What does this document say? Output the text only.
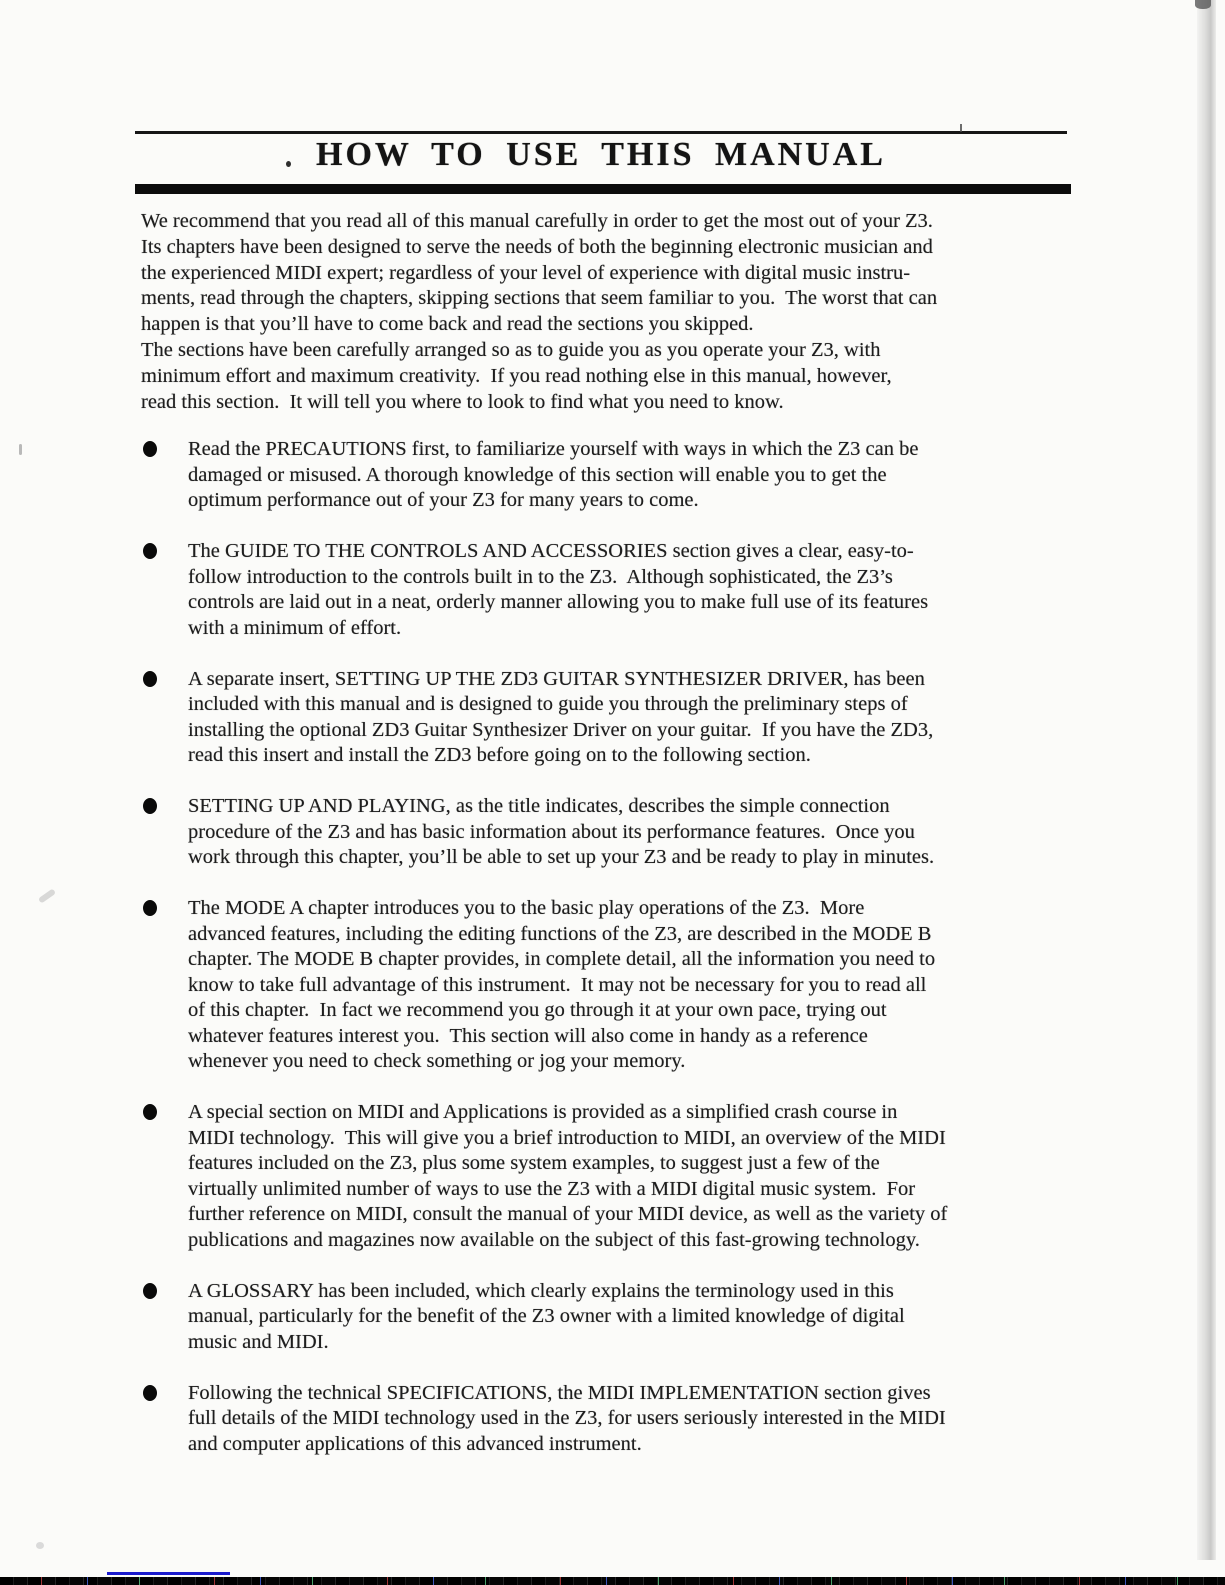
HOW TO USE THIS MANUAL
We recommend that you read all of this manual carefully in order to get the most out of your Z3.
Its chapters have been designed to serve the needs of both the beginning electronic musician and
the experienced MIDI expert; regardless of your level of experience with digital music instru-
ments, read through the chapters, skipping sections that seem familiar to you.  The worst that can
happen is that you’ll have to come back and read the sections you skipped.
The sections have been carefully arranged so as to guide you as you operate your Z3, with
minimum effort and maximum creativity.  If you read nothing else in this manual, however,
read this section.  It will tell you where to look to find what you need to know.
Read the PRECAUTIONS first, to familiarize yourself with ways in which the Z3 can be
damaged or misused. A thorough knowledge of this section will enable you to get the
optimum performance out of your Z3 for many years to come.
The GUIDE TO THE CONTROLS AND ACCESSORIES section gives a clear, easy-to-
follow introduction to the controls built in to the Z3.  Although sophisticated, the Z3’s
controls are laid out in a neat, orderly manner allowing you to make full use of its features
with a minimum of effort.
A separate insert, SETTING UP THE ZD3 GUITAR SYNTHESIZER DRIVER, has been
included with this manual and is designed to guide you through the preliminary steps of
installing the optional ZD3 Guitar Synthesizer Driver on your guitar.  If you have the ZD3,
read this insert and install the ZD3 before going on to the following section.
SETTING UP AND PLAYING, as the title indicates, describes the simple connection
procedure of the Z3 and has basic information about its performance features.  Once you
work through this chapter, you’ll be able to set up your Z3 and be ready to play in minutes.
The MODE A chapter introduces you to the basic play operations of the Z3.  More
advanced features, including the editing functions of the Z3, are described in the MODE B
chapter. The MODE B chapter provides, in complete detail, all the information you need to
know to take full advantage of this instrument.  It may not be necessary for you to read all
of this chapter.  In fact we recommend you go through it at your own pace, trying out
whatever features interest you.  This section will also come in handy as a reference
whenever you need to check something or jog your memory.
A special section on MIDI and Applications is provided as a simplified crash course in
MIDI technology.  This will give you a brief introduction to MIDI, an overview of the MIDI
features included on the Z3, plus some system examples, to suggest just a few of the
virtually unlimited number of ways to use the Z3 with a MIDI digital music system.  For
further reference on MIDI, consult the manual of your MIDI device, as well as the variety of
publications and magazines now available on the subject of this fast-growing technology.
A GLOSSARY has been included, which clearly explains the terminology used in this
manual, particularly for the benefit of the Z3 owner with a limited knowledge of digital
music and MIDI.
Following the technical SPECIFICATIONS, the MIDI IMPLEMENTATION section gives
full details of the MIDI technology used in the Z3, for users seriously interested in the MIDI
and computer applications of this advanced instrument.
